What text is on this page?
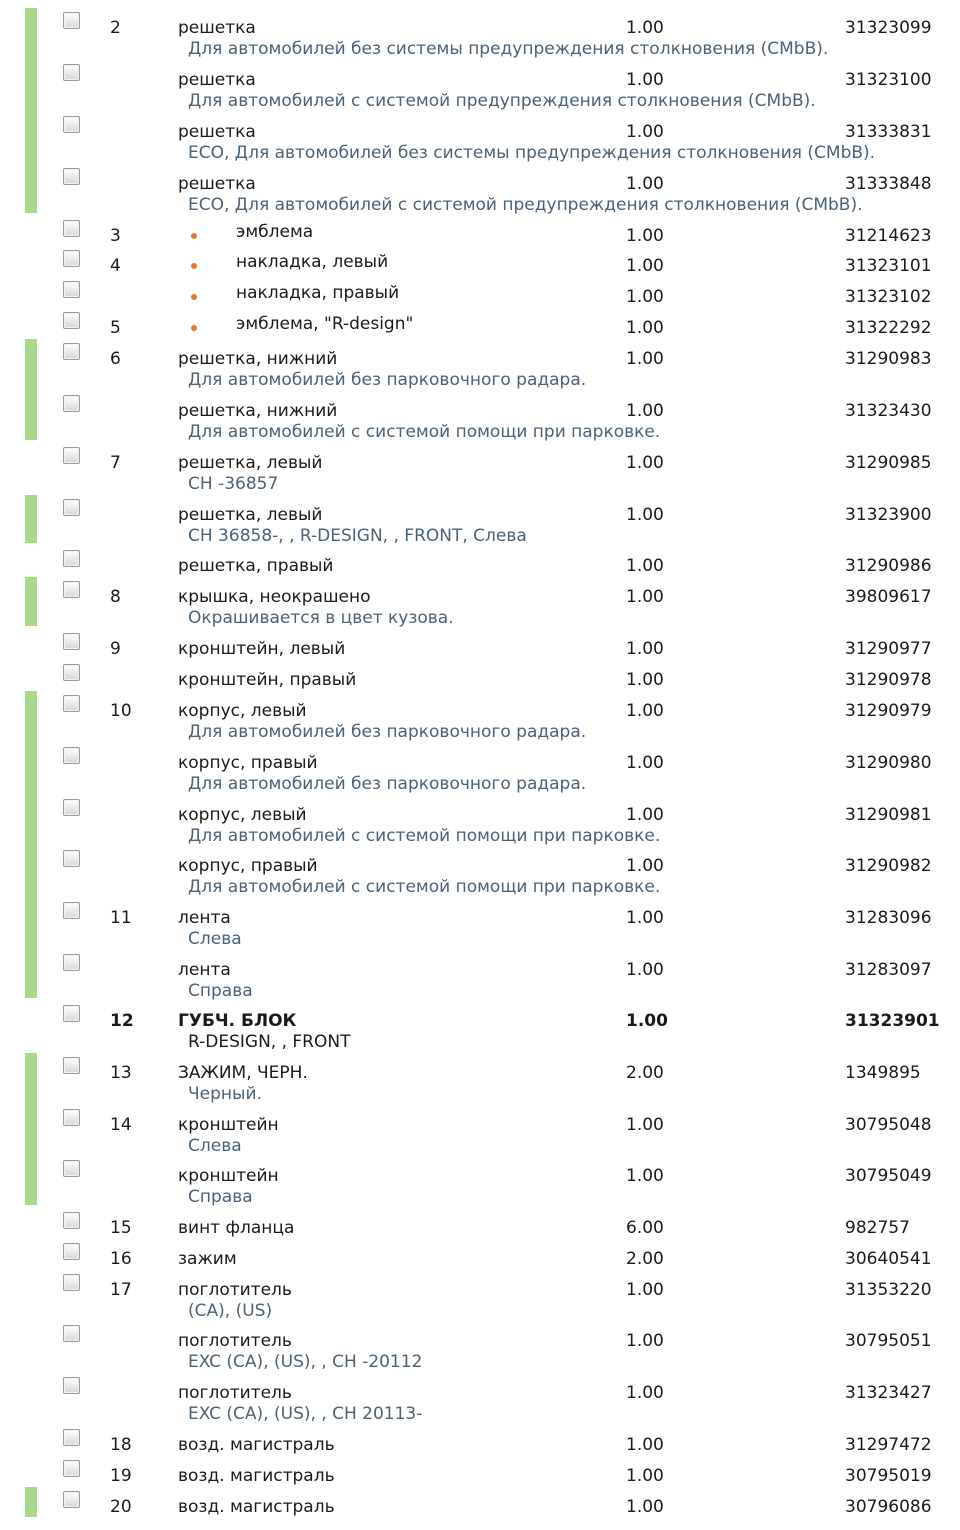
2	решетка	1.00	31323099
Для автомобилей без системы предупреждения столкновения (CMbB).
решетка	1.00	31323100
Для автомобилей с системой предупреждения столкновения (CMbB).
решетка	1.00	31333831
ECO, Для автомобилей без системы предупреждения столкновения (CMbB).
решетка	1.00	31333848
ECO, Для автомобилей с системой предупреждения столкновения (CMbB).
3	эмблема	1.00	31214623
4	накладка, левый	1.00	31323101
накладка, правый	1.00	31323102
5	эмблема, "R-design"	1.00	31322292
6	решетка, нижний	1.00	31290983
Для автомобилей без парковочного радара.
решетка, нижний	1.00	31323430
Для автомобилей с системой помощи при парковке.
7	решетка, левый	1.00	31290985
CH -36857
решетка, левый	1.00	31323900
CH 36858-, , R-DESIGN, , FRONT, Слева
решетка, правый	1.00	31290986
8	крышка, неокрашено	1.00	39809617
Окрашивается в цвет кузова.
9	кронштейн, левый	1.00	31290977
кронштейн, правый	1.00	31290978
10	корпус, левый	1.00	31290979
Для автомобилей без парковочного радара.
корпус, правый	1.00	31290980
Для автомобилей без парковочного радара.
корпус, левый	1.00	31290981
Для автомобилей с системой помощи при парковке.
корпус, правый	1.00	31290982
Для автомобилей с системой помощи при парковке.
11	лента	1.00	31283096
Слева
лента	1.00	31283097
Справа
12	ГУБЧ. БЛОК	1.00	31323901
R-DESIGN, , FRONT
13	ЗАЖИМ, ЧЕРН.	2.00	1349895
Черный.
14	кронштейн	1.00	30795048
Слева
кронштейн	1.00	30795049
Справа
15	винт фланца	6.00	982757
16	зажим	2.00	30640541
17	поглотитель	1.00	31353220
(CA), (US)
поглотитель	1.00	30795051
EXC (CA), (US), , CH -20112
поглотитель	1.00	31323427
EXC (CA), (US), , CH 20113-
18	возд. магистраль	1.00	31297472
19	возд. магистраль	1.00	30795019
20	возд. магистраль	1.00	30796086
